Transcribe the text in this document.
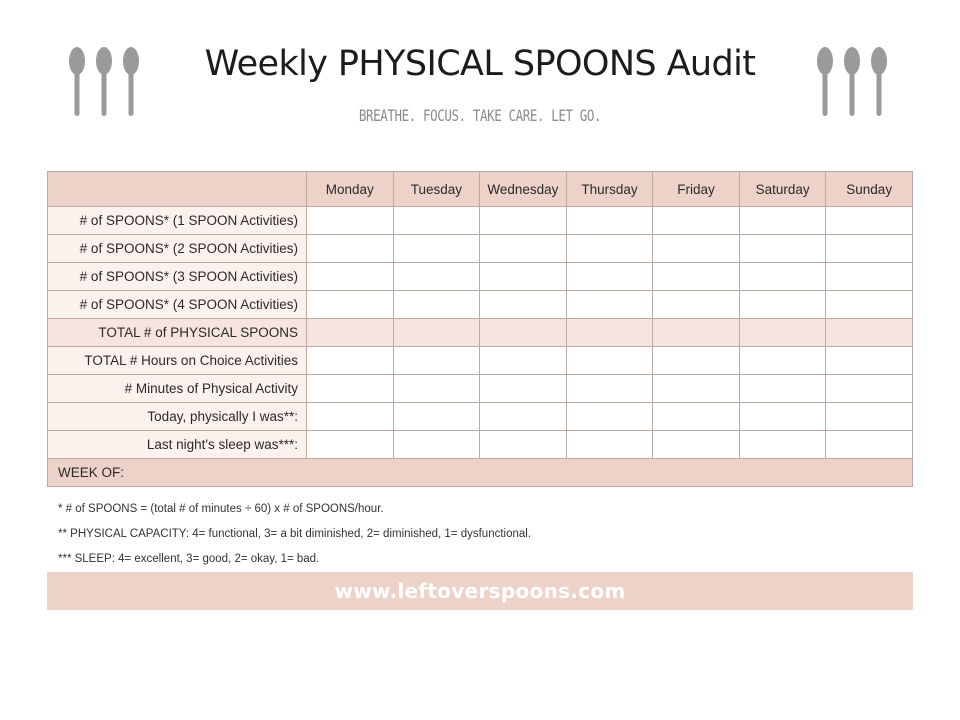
Weekly PHYSICAL SPOONS Audit
BREATHE. FOCUS. TAKE CARE. LET GO.
	Monday	Tuesday	Wednesday	Thursday	Friday	Saturday	Sunday
# of SPOONS* (1 SPOON Activities)							
# of SPOONS* (2 SPOON Activities)							
# of SPOONS* (3 SPOON Activities)							
# of SPOONS* (4 SPOON Activities)							
TOTAL # of PHYSICAL SPOONS							
TOTAL # Hours on Choice Activities							
# Minutes of Physical Activity							
Today, physically I was**:							
Last night's sleep was***:							
WEEK OF:							
* # of SPOONS = (total # of minutes ÷ 60) x # of SPOONS/hour.
** PHYSICAL CAPACITY: 4= functional, 3= a bit diminished, 2= diminished, 1= dysfunctional.
*** SLEEP: 4= excellent, 3= good, 2= okay, 1= bad.
www.leftoverspoons.com
